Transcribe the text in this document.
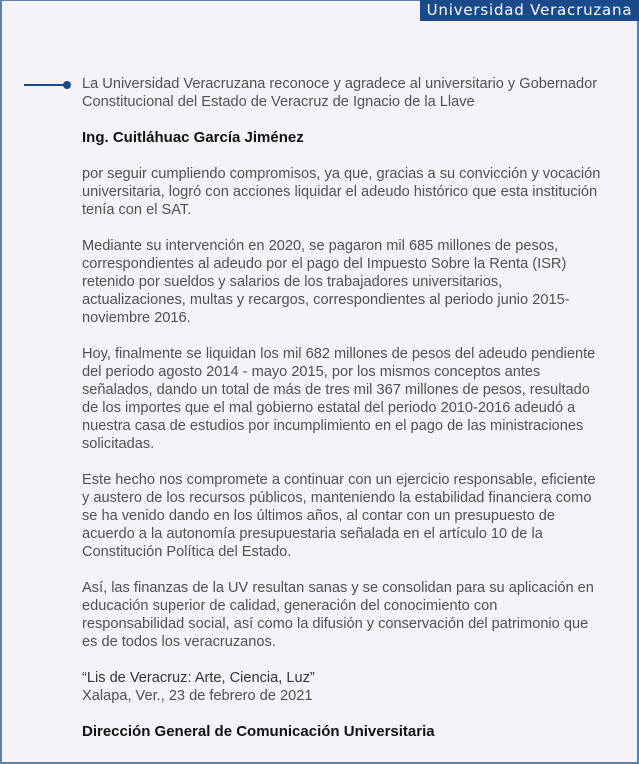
Universidad Veracruzana

La Universidad Veracruzana reconoce y agradece al universitario y Gobernador Constitucional del Estado de Veracruz de Ignacio de la Llave

Ing. Cuitláhuac García Jiménez

por seguir cumpliendo compromisos, ya que, gracias a su convicción y vocación universitaria, logró con acciones liquidar el adeudo histórico que esta institución tenía con el SAT.

Mediante su intervención en 2020, se pagaron mil 685 millones de pesos, correspondientes al adeudo por el pago del Impuesto Sobre la Renta (ISR) retenido por sueldos y salarios de los trabajadores universitarios, actualizaciones, multas y recargos, correspondientes al periodo junio 2015-noviembre 2016.

Hoy, finalmente se liquidan los mil 682 millones de pesos del adeudo pendiente del periodo agosto 2014 - mayo 2015, por los mismos conceptos antes señalados, dando un total de más de tres mil 367 millones de pesos, resultado de los importes que el mal gobierno estatal del periodo 2010-2016 adeudó a nuestra casa de estudios por incumplimiento en el pago de las ministraciones solicitadas.

Este hecho nos compromete a continuar con un ejercicio responsable, eficiente y austero de los recursos públicos, manteniendo la estabilidad financiera como se ha venido dando en los últimos años, al contar con un presupuesto de acuerdo a la autonomía presupuestaria señalada en el artículo 10 de la Constitución Política del Estado.

Así, las finanzas de la UV resultan sanas y se consolidan para su aplicación en educación superior de calidad, generación del conocimiento con responsabilidad social, así como la difusión y conservación del patrimonio que es de todos los veracruzanos.

“Lis de Veracruz: Arte, Ciencia, Luz”

Xalapa, Ver., 23 de febrero de 2021

Dirección General de Comunicación Universitaria
